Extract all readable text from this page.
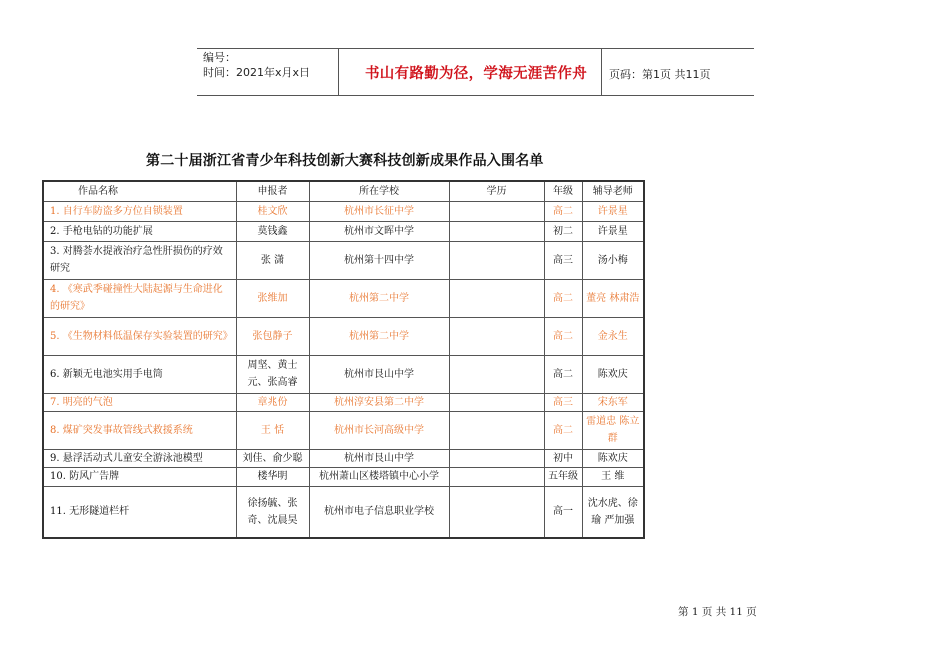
编号：
时间：2021年x月x日	书山有路勤为径，学海无涯苦作舟	页码：第1页 共11页
第二十届浙江省青少年科技创新大赛科技创新成果作品入围名单
作品名称	申报者	所在学校	学历	年级	辅导老师
1. 自行车防盗多方位自锁装置	桂文欣	杭州市长征中学		高二	许景星
2. 手枪电钻的功能扩展	莫钱鑫	杭州市文晖中学		初二	许景星
3. 对腾荟水提液治疗急性肝损伤的疗效研究	张 潇	杭州第十四中学		高三	汤小梅
4. 《寒武季碰撞性大陆起源与生命进化的研究》	张维加	杭州第二中学		高二	董亮 林肃浩
5. 《生物材料低温保存实验装置的研究》	张包静子	杭州第二中学		高二	金永生
6. 新颖无电池实用手电筒	周坚、黄士元、张高睿	杭州市艮山中学		高二	陈欢庆
7. 明亮的气泡	章兆份	杭州淳安县第二中学		高三	宋东军
8. 煤矿突发事故管线式救援系统	王 恬	杭州市长河高级中学		高二	雷道忠 陈立群
9. 悬浮活动式儿童安全游泳池模型	刘佳、俞少聪	杭州市艮山中学		初中	陈欢庆
10. 防风广告牌	楼华明	杭州萧山区楼塔镇中心小学		五年级	王 维
11. 无形隧道栏杆	徐扬毓、张奇、沈晨昊	杭州市电子信息职业学校		高一	沈水虎、徐瑜 严加强
第 1 页 共 11 页
